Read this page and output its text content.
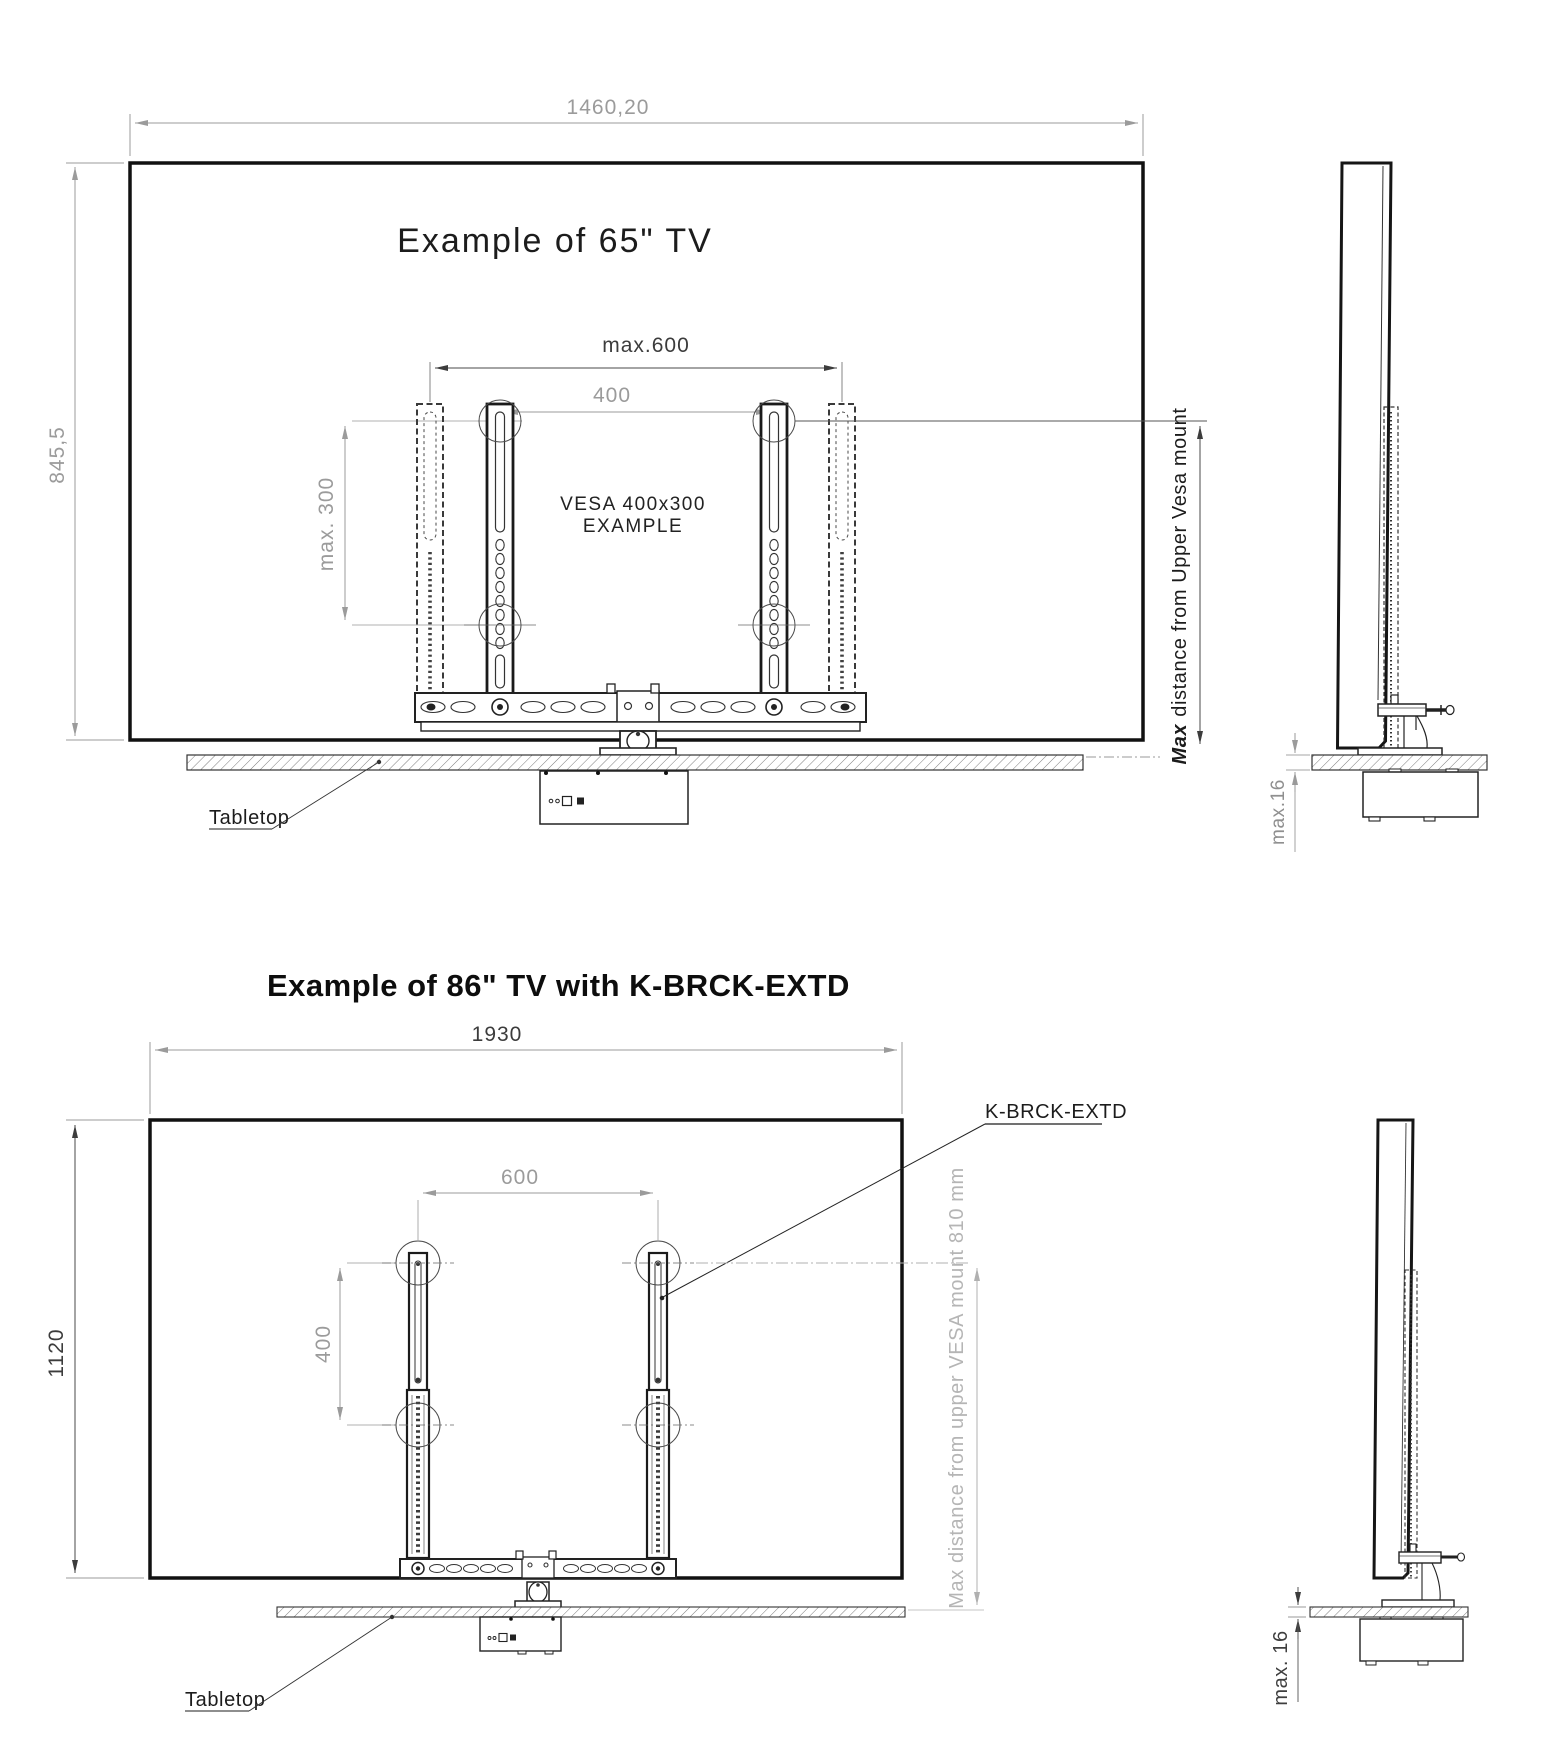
1460,20
845,5
Example of 65" TV
max.600
400
max. 300
Tabletop
Maxdistance from Upper Vesa mount
max.16
VESA 400x300
EXAMPLE
Example of 86" TV with K-BRCK-EXTD
1930
1120
600
400
K-BRCK-EXTD
Tabletop
Max distance from upper VESA mount 810 mm
max. 16
